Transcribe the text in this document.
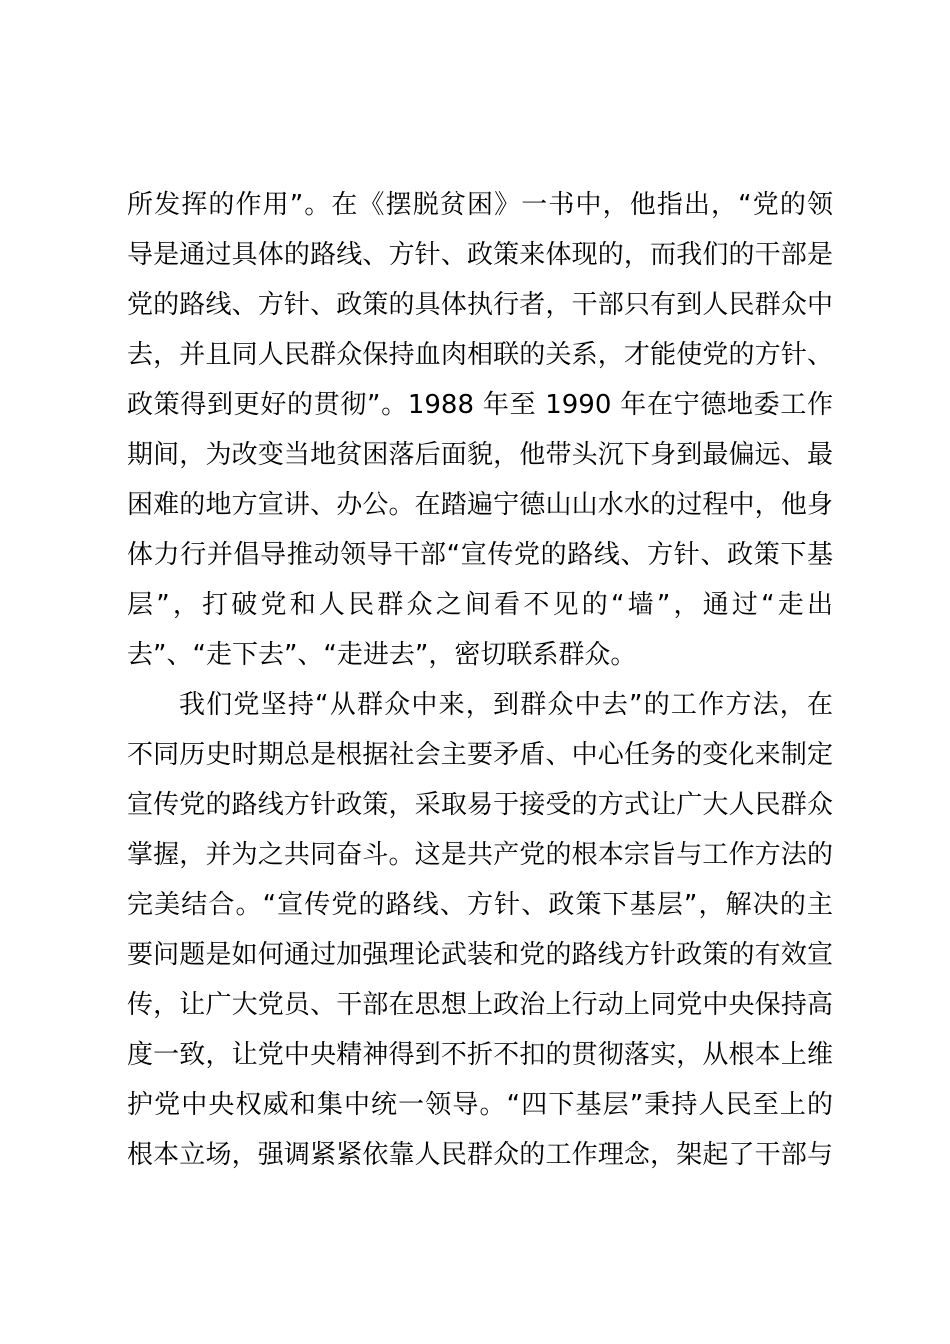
所发挥的作用”。在《摆脱贫困》一书中，他指出，“党的领
导是通过具体的路线、方针、政策来体现的，而我们的干部是
党的路线、方针、政策的具体执行者，干部只有到人民群众中
去，并且同人民群众保持血肉相联的关系，才能使党的方针、
政策得到更好的贯彻”。1988 年至 1990 年在宁德地委工作
期间，为改变当地贫困落后面貌，他带头沉下身到最偏远、最
困难的地方宣讲、办公。在踏遍宁德山山水水的过程中，他身
体力行并倡导推动领导干部“宣传党的路线、方针、政策下基
层”，打破党和人民群众之间看不见的“墙”，通过“走出
去”、“走下去”、“走进去”，密切联系群众。
我们党坚持“从群众中来，到群众中去”的工作方法，在
不同历史时期总是根据社会主要矛盾、中心任务的变化来制定
宣传党的路线方针政策，采取易于接受的方式让广大人民群众
掌握，并为之共同奋斗。这是共产党的根本宗旨与工作方法的
完美结合。“宣传党的路线、方针、政策下基层”，解决的主
要问题是如何通过加强理论武装和党的路线方针政策的有效宣
传，让广大党员、干部在思想上政治上行动上同党中央保持高
度一致，让党中央精神得到不折不扣的贯彻落实，从根本上维
护党中央权威和集中统一领导。“四下基层”秉持人民至上的
根本立场，强调紧紧依靠人民群众的工作理念，架起了干部与
